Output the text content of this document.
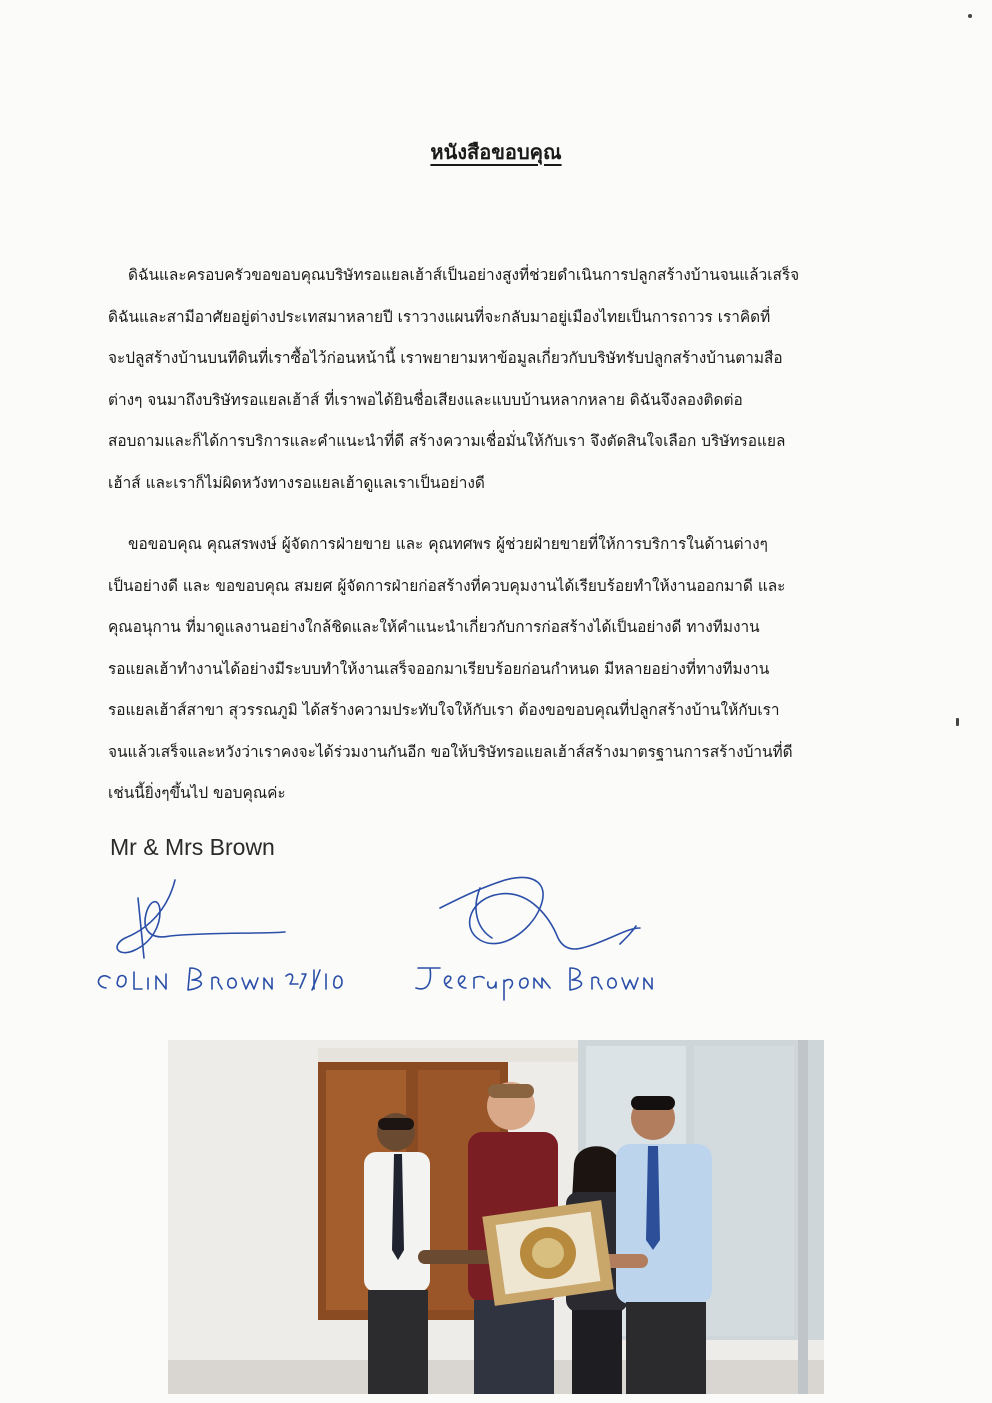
หนังสือขอบคุณ
ดิฉันและครอบครัวขอขอบคุณบริษัทรอแยลเฮ้าส์เป็นอย่างสูงที่ช่วยดำเนินการปลูกสร้างบ้านจนแล้วเสร็จ
ดิฉันและสามีอาศัยอยู่ต่างประเทสมาหลายปี เราวางแผนที่จะกลับมาอยู่เมืองไทยเป็นการถาวร เราคิดที่
จะปลูสร้างบ้านบนทีดินที่เราซื้อไว้ก่อนหน้านี้ เราพยายามหาข้อมูลเกี่ยวกับบริษัทรับปลูกสร้างบ้านตามสือ
ต่างๆ จนมาถึงบริษัทรอแยลเฮ้าส์ ที่เราพอได้ยินชื่อเสียงและแบบบ้านหลากหลาย ดิฉันจึงลองติดต่อ
สอบถามและก็ได้การบริการและคำแนะนำที่ดี สร้างความเชื่อมั่นให้กับเรา จึงตัดสินใจเลือก บริษัทรอแยล
เฮ้าส์ และเราก็ไม่ผิดหวังทางรอแยลเฮ้าดูแลเราเป็นอย่างดี
ขอขอบคุณ คุณสรพงษ์ ผู้จัดการฝ่ายขาย และ คุณทศพร ผู้ช่วยฝ่ายขายที่ให้การบริการในด้านต่างๆ
เป็นอย่างดี และ ขอขอบคุณ สมยศ ผู้จัดการฝ่ายก่อสร้างที่ควบคุมงานได้เรียบร้อยทำให้งานออกมาดี และ
คุณอนุกาน ที่มาดูแลงานอย่างใกล้ชิดและให้คำแนะนำเกี่ยวกับการก่อสร้างได้เป็นอย่างดี ทางทีมงาน
รอแยลเฮ้าทำงานได้อย่างมีระบบทำให้งานเสร็จออกมาเรียบร้อยก่อนกำหนด มีหลายอย่างที่ทางทีมงาน
รอแยลเฮ้าส์สาขา สุวรรณภูมิ ได้สร้างความประทับใจให้กับเรา ต้องขอขอบคุณที่ปลูกสร้างบ้านให้กับเรา
จนแล้วเสร็จและหวังว่าเราคงจะได้ร่วมงานกันอีก ขอให้บริษัทรอแยลเฮ้าส์สร้างมาตรฐานการสร้างบ้านที่ดี
เช่นนี้ยิ่งๆขึ้นไป ขอบคุณค่ะ
Mr & Mrs Brown
